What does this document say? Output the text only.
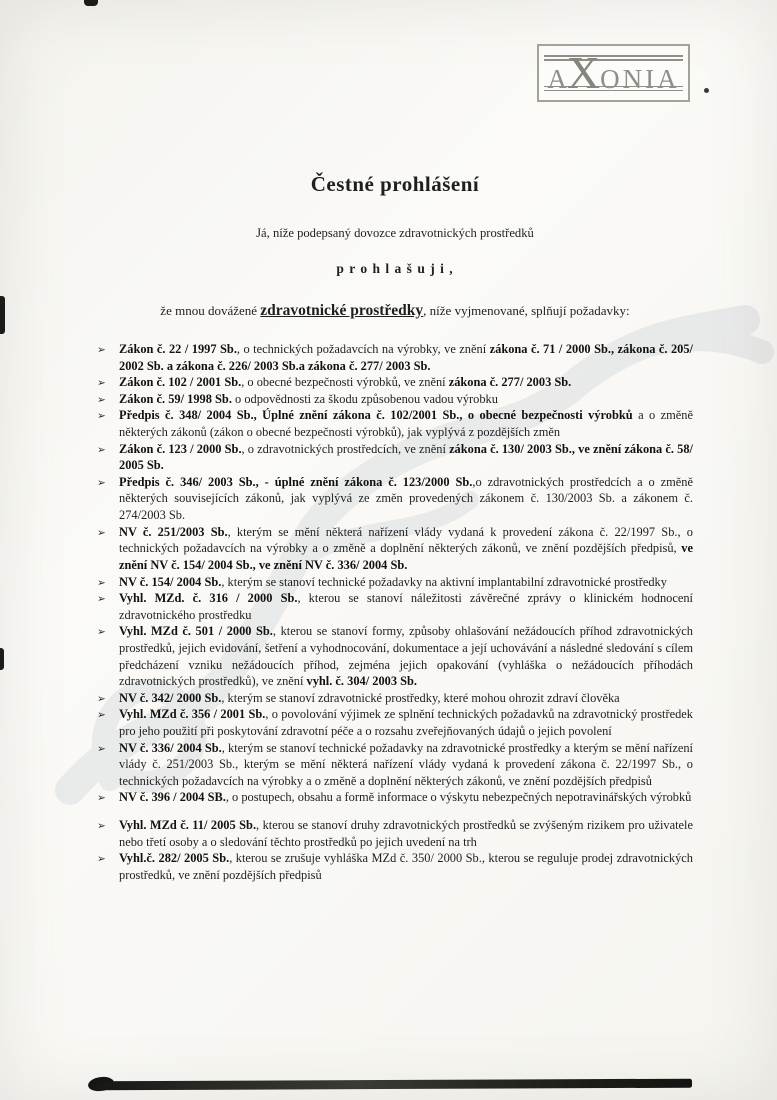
A
X
ONIA
Čestné prohlášení

Já, níže podepsaný dovozce zdravotnických prostředků

p r o h l a š u j i ,

že mnou dovážené zdravotnické prostředky, níže vyjmenované, splňují požadavky:

➢	Zákon č. 22 / 1997 Sb., o technických požadavcích na výrobky, ve znění zákona č. 71 / 2000 Sb., zákona č. 205/ 2002 Sb. a zákona č. 226/ 2003 Sb.a zákona č. 277/ 2003 Sb.
➢	Zákon č. 102 / 2001 Sb., o obecné bezpečnosti výrobků, ve znění zákona č. 277/ 2003 Sb.
➢	Zákon č. 59/ 1998 Sb. o odpovědnosti za škodu způsobenou vadou výrobku
➢	Předpis č. 348/ 2004 Sb., Úplné znění zákona č. 102/2001 Sb., o obecné bezpečnosti výrobků a o změně některých zákonů (zákon o obecné bezpečnosti výrobků), jak vyplývá z pozdějších změn
➢	Zákon č. 123 / 2000 Sb., o zdravotnických prostředcích, ve znění zákona č. 130/ 2003 Sb., ve znění zákona č. 58/ 2005 Sb.
➢	Předpis č. 346/ 2003 Sb., - úplné znění zákona č. 123/2000 Sb.,o zdravotnických prostředcích a o změně některých souvisejících zákonů, jak vyplývá ze změn provedených zákonem č. 130/2003 Sb. a zákonem č. 274/2003 Sb.
➢	NV č. 251/2003 Sb., kterým se mění některá nařízení vlády vydaná k provedení zákona č. 22/1997 Sb., o technických požadavcích na výrobky a o změně a doplnění některých zákonů, ve znění pozdějších předpisů, ve znění NV č. 154/ 2004 Sb., ve znění NV č. 336/ 2004 Sb.
➢	NV č. 154/ 2004 Sb., kterým se stanoví technické požadavky na aktivní implantabilní zdravotnické prostředky
➢	Vyhl. MZd. č. 316 / 2000 Sb., kterou se stanoví náležitosti závěrečné zprávy o klinickém hodnocení zdravotnického prostředku
➢	Vyhl. MZd č. 501 / 2000 Sb., kterou se stanoví formy, způsoby ohlašování nežádoucích příhod zdravotnických prostředků, jejich evidování, šetření a vyhodnocování, dokumentace a její uchovávání a následné sledování s cílem předcházení vzniku nežádoucích příhod, zejména jejich opakování (vyhláška o nežádoucích příhodách zdravotnických prostředků), ve znění vyhl. č. 304/ 2003 Sb.
➢	NV č. 342/ 2000 Sb., kterým se stanoví zdravotnické prostředky, které mohou ohrozit zdraví člověka
➢	Vyhl. MZd č. 356 / 2001 Sb., o povolování výjimek ze splnění technických požadavků na zdravotnický prostředek pro jeho použití při poskytování zdravotní péče a o rozsahu zveřejňovaných údajů o jejich povolení
➢	NV č. 336/ 2004 Sb., kterým se stanoví technické požadavky na zdravotnické prostředky a kterým se mění nařízení vlády č. 251/2003 Sb., kterým se mění některá nařízení vlády vydaná k provedení zákona č. 22/1997 Sb., o technických požadavcích na výrobky a o změně a doplnění některých zákonů, ve znění pozdějších předpisů
➢	NV č. 396 / 2004 SB., o postupech, obsahu a formě informace o výskytu nebezpečných nepotravinářských výrobků
➢	Vyhl. MZd č. 11/ 2005 Sb., kterou se stanoví druhy zdravotnických prostředků se zvýšeným rizikem pro uživatele nebo třetí osoby a o sledování těchto prostředků po jejich uvedení na trh
➢	Vyhl.č. 282/ 2005 Sb., kterou se zrušuje vyhláška MZd č. 350/ 2000 Sb., kterou se reguluje prodej zdravotnických prostředků, ve znění pozdějších předpisů
